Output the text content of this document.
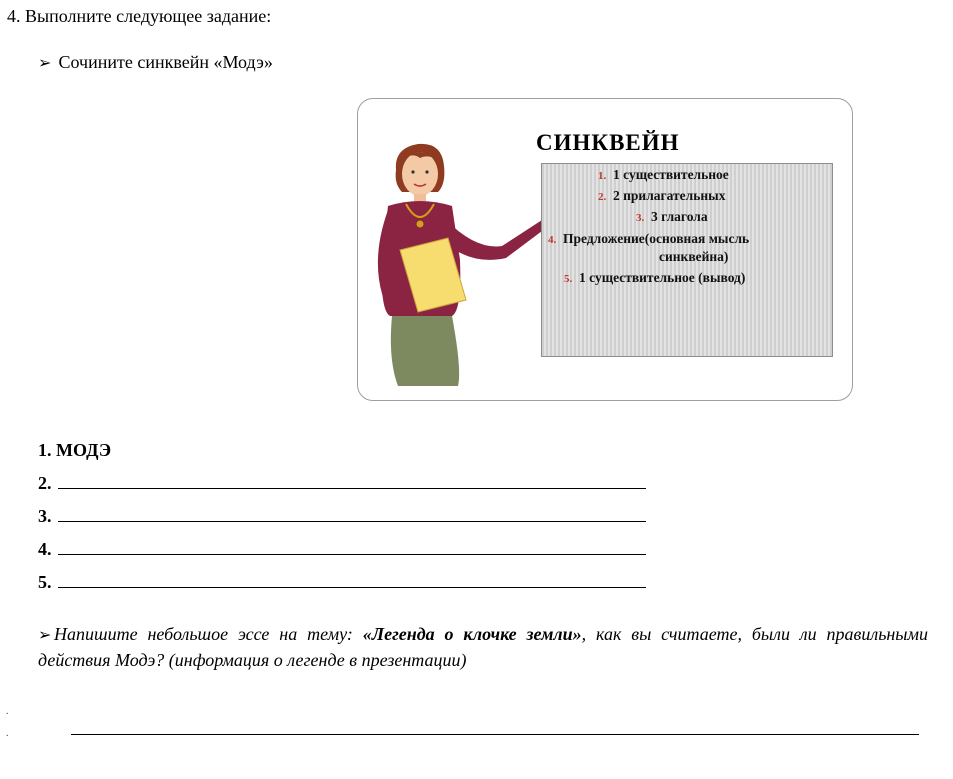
4. Выполните следующее задание:
➢ Сочините синквейн «Модэ»
СИНКВЕЙН
1. 1 существительное
2. 2 прилагательных
3. 3 глагола
4. Предложение(основная мысль
синквейна)
5. 1 существительное (вывод)
1. МОДЭ
2.
3.
4.
5.
➢ Напишите небольшое эссе на тему: «Легенда о клочке земли», как вы считаете, были ли правильными действия Модэ? (информация о легенде в презентации)
.
.
